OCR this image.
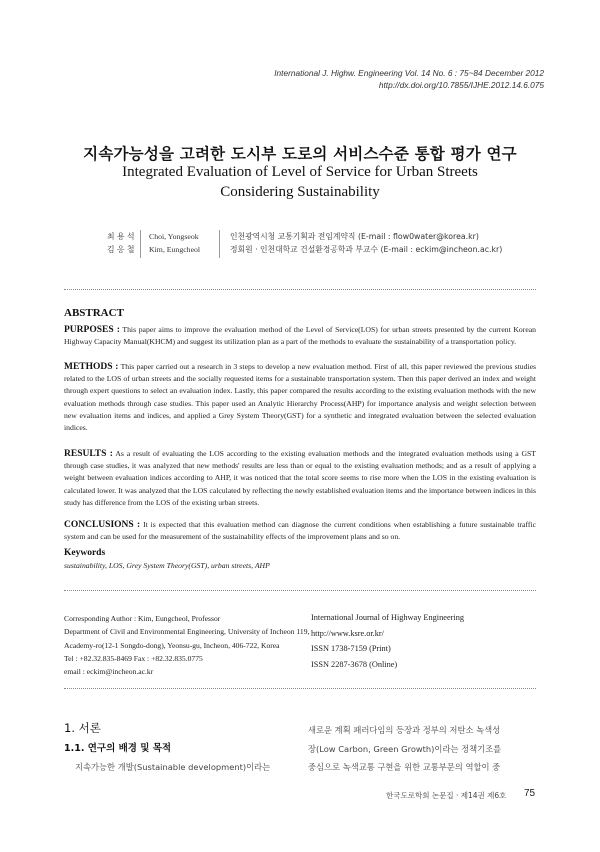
International J. Highw. Engineering Vol. 14 No. 6 : 75~84 December 2012
http://dx.doi.org/10.7855/IJHE.2012.14.6.075
지속가능성을 고려한 도시부 도로의 서비스수준 통합 평가 연구
Integrated Evaluation of Level of Service for Urban Streets
Considering Sustainability
최 용 석
김 응 철
Choi, Yongseok
Kim, Eungcheol
인천광역시청 교통기획과 전임계약직 (E-mail : flow0water@korea.kr)
정회원 · 인천대학교 건설환경공학과 부교수 (E-mail : eckim@incheon.ac.kr)
ABSTRACT
PURPOSES : This paper aims to improve the evaluation method of the Level of Service(LOS) for urban streets presented by the current Korean Highway Capacity Manual(KHCM) and suggest its utilization plan as a part of the methods to evaluate the sustainability of a transportation policy.
METHODS : This paper carried out a research in 3 steps to develop a new evaluation method. First of all, this paper reviewed the previous studies related to the LOS of urban streets and the socially requested items for a sustainable transportation system. Then this paper derived an index and weight through expert questions to select an evaluation index. Lastly, this paper compared the results according to the existing evaluation methods with the new evaluation methods through case studies. This paper used an Analytic Hierarchy Process(AHP) for importance analysis and weight selection between new evaluation items and indices, and applied a Grey System Theory(GST) for a synthetic and integrated evaluation between the selected evaluation indices.
RESULTS : As a result of evaluating the LOS according to the existing evaluation methods and the integrated evaluation methods using a GST through case studies, it was analyzed that new methods' results are less than or equal to the existing evaluation methods; and as a result of applying a weight between evaluation indices according to AHP, it was noticed that the total score seems to rise more when the LOS in the existing evaluation is calculated lower. It was analyzed that the LOS calculated by reflecting the newly established evaluation items and the importance between indices in this study has difference from the LOS of the existing urban streets.
CONCLUSIONS : It is expected that this evaluation method can diagnose the current conditions when establishing a future sustainable traffic system and can be used for the measurement of the sustainability effects of the improvement plans and so on.
Keywords
sustainability, LOS, Grey System Theory(GST), urban streets, AHP
Corresponding Author : Kim, Eungcheol, Professor
Department of Civil and Environmental Engineering, University of Incheon 119,
Academy-ro(12-1 Songdo-dong), Yeonsu-gu, Incheon, 406-722, Korea
Tel : +82.32.835-8469 Fax : +82.32.835.0775
email : eckim@incheon.ac.kr
International Journal of Highway Engineering
http://www.ksre.or.kr/
ISSN 1738-7159 (Print)
ISSN 2287-3678 (Online)
1. 서론
1.1. 연구의 배경 및 목적
지속가능한 개발(Sustainable development)이라는
새로운 계획 패러다임의 등장과 정부의 저탄소 녹색성
장(Low Carbon, Green Growth)이라는 정책기조를
중심으로 녹색교통 구현을 위한 교통부문의 역할이 중
한국도로학회 논문집 · 제14권 제6호 75
